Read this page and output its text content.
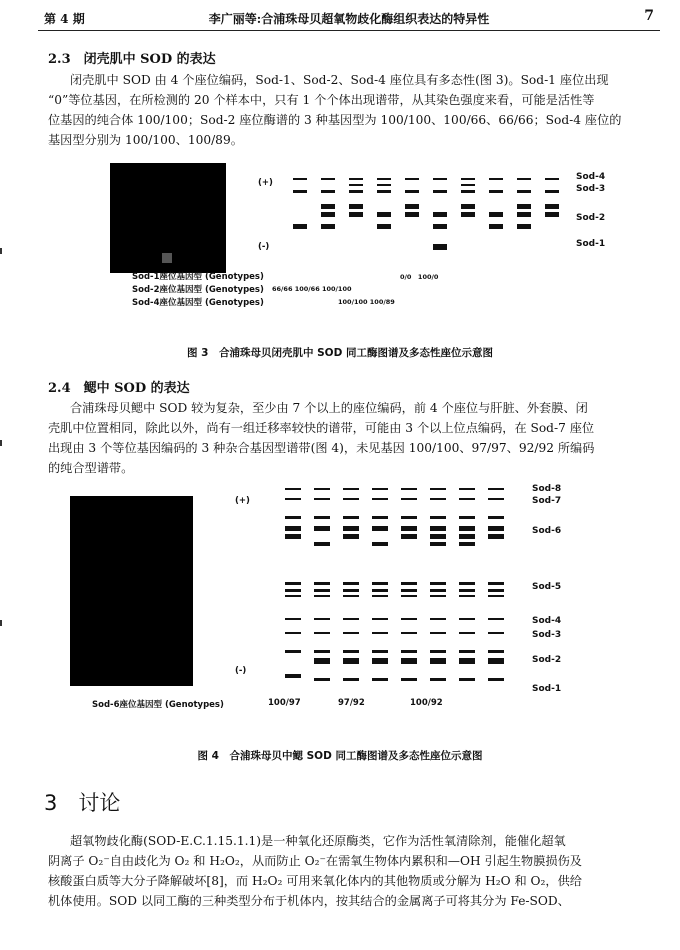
第 4 期	李广丽等:合浦珠母贝超氧物歧化酶组织表达的特异性	7
2.3　闭壳肌中 SOD 的表达
闭壳肌中 SOD 由 4 个座位编码，Sod-1、Sod-2、Sod-4 座位具有多态性(图 3)。Sod-1 座位出现
“0”等位基因，在所检测的 20 个样本中，只有 1 个个体出现谱带，从其染色强度来看，可能是活性等
位基因的纯合体 100/100；Sod-2 座位酶谱的 3 种基因型为 100/100、100/66、66/66；Sod-4 座位的
基因型分别为 100/100、100/89。
(+)
(-)
Sod-4
Sod-3
Sod-2
Sod-1
Sod-1座位基因型 (Genotypes)	0/0　100/0
Sod-2座位基因型 (Genotypes) 66/66 100/66 100/100
Sod-4座位基因型 (Genotypes)	100/100 100/89
图 3　合浦珠母贝闭壳肌中 SOD 同工酶图谱及多态性座位示意图
2.4　鳃中 SOD 的表达
合浦珠母贝鳃中 SOD 较为复杂，至少由 7 个以上的座位编码，前 4 个座位与肝脏、外套膜、闭
壳肌中位置相同，除此以外，尚有一组迁移率较快的谱带，可能由 3 个以上位点编码，在 Sod-7 座位
出现由 3 个等位基因编码的 3 种杂合基因型谱带(图 4)，未见基因 100/100、97/97、92/92 所编码
的纯合型谱带。
(+)
(-)
Sod-8
Sod-7
Sod-6
Sod-5
Sod-4
Sod-3
Sod-2
Sod-1
Sod-6座位基因型 (Genotypes)	100/97	97/92	100/92
图 4　合浦珠母贝中鳃 SOD 同工酶图谱及多态性座位示意图
3　讨论
超氧物歧化酶(SOD-E.C.1.15.1.1)是一种氧化还原酶类，它作为活性氧清除剂，能催化超氧
阴离子 O₂⁻自由歧化为 O₂ 和 H₂O₂，从而防止 O₂⁻在需氧生物体内累积和—OH 引起生物膜损伤及
核酸蛋白质等大分子降解破坏[8]，而 H₂O₂ 可用来氧化体内的其他物质或分解为 H₂O 和 O₂，供给
机体使用。SOD 以同工酶的三种类型分布于机体内，按其结合的金属离子可将其分为 Fe-SOD、
